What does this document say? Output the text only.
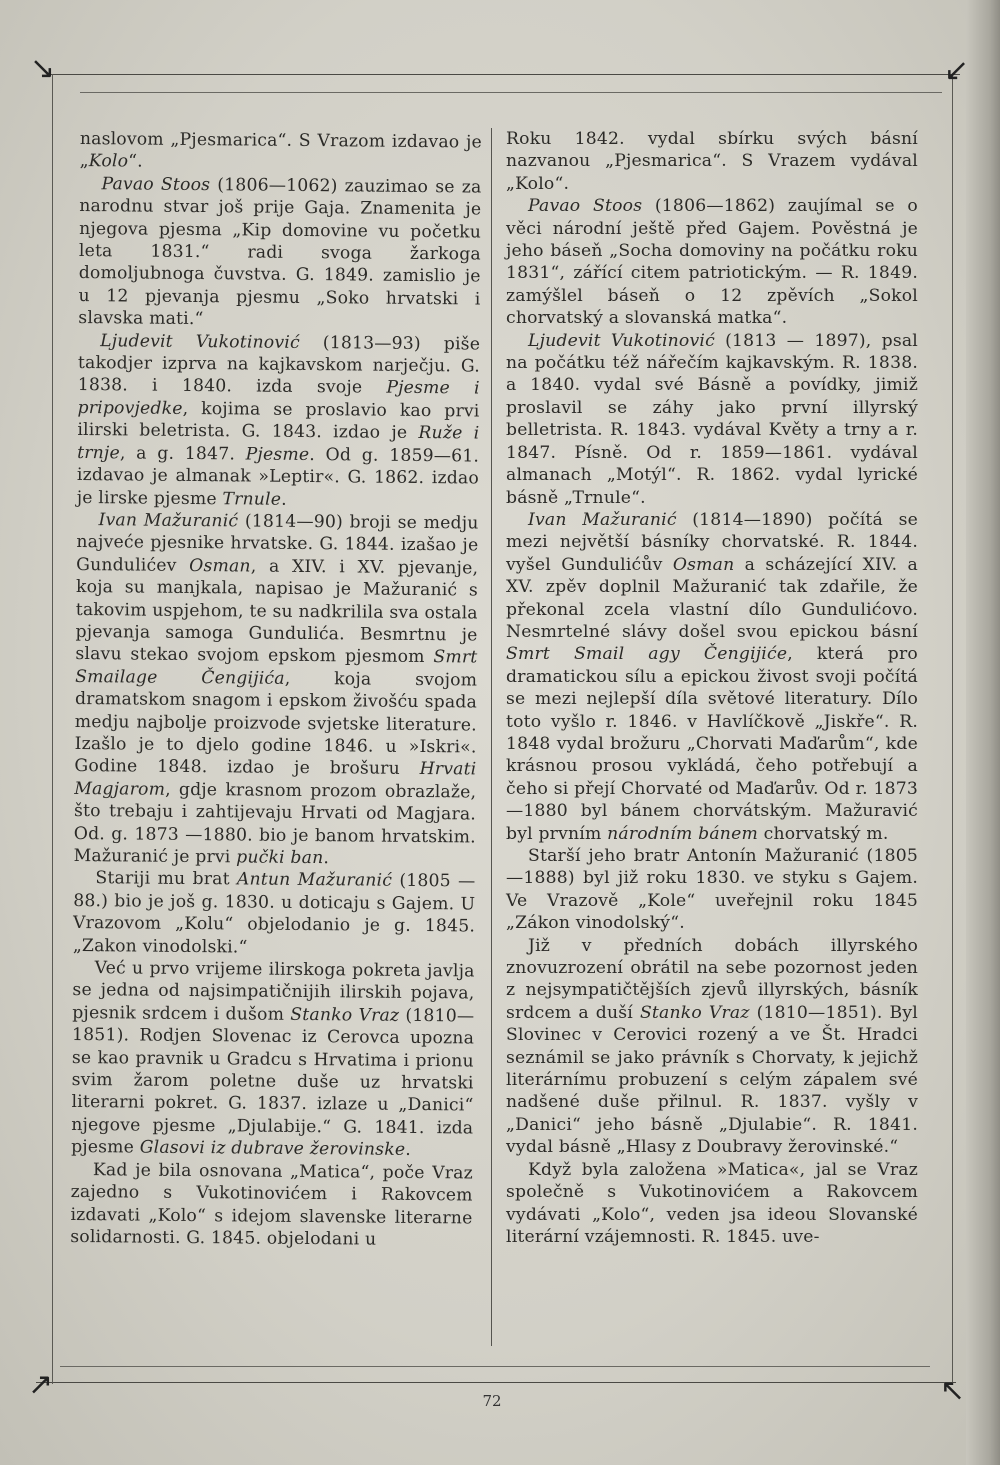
↘	↙
↗	↖

naslovom „Pjesmarica“. S Vrazom izdavao je „Kolo“.

Pavao Stoos (1806—1062) zauzimao se za narodnu stvar još prije Gaja. Znamenita je njegova pjesma „Kip domovine vu početku leta 1831.“ radi svoga žarkoga domoljubnoga čuvstva. G. 1849. zamislio je u 12 pjevanja pjesmu „Soko hrvatski i slavska mati.“

Ljudevit Vukotinović (1813—93) piše takodjer izprva na kajkavskom narječju. G. 1838. i 1840. izda svoje Pjesme i pripovjedke, kojima se proslavio kao prvi ilirski beletrista. G. 1843. izdao je Ruže i trnje, a g. 1847. Pjesme. Od g. 1859—61. izdavao je almanak »Leptir«. G. 1862. izdao je lirske pjesme Trnule.

Ivan Mažuranić (1814—90) broji se medju najveće pjesnike hrvatske. G. 1844. izašao je Gundulićev Osman, a XIV. i XV. pjevanje, koja su manjkala, napisao je Mažuranić s takovim uspjehom, te su nadkrilila sva ostala pjevanja samoga Gundulića. Besmrtnu je slavu stekao svojom epskom pjesmom Smrt Smailage Čengijića, koja svojom dramatskom snagom i epskom živošću spada medju najbolje proizvode svjetske literature. Izašlo je to djelo godine 1846. u »Iskri«. Godine 1848. izdao je brošuru Hrvati Magjarom, gdje krasnom prozom obrazlaže, što trebaju i zahtijevaju Hrvati od Magjara. Od. g. 1873 —1880. bio je banom hrvatskim. Mažuranić je prvi pučki ban.

Stariji mu brat Antun Mažuranić (1805 —88.) bio je još g. 1830. u doticaju s Gajem. U Vrazovom „Kolu“ objelodanio je g. 1845. „Zakon vinodolski.“

Već u prvo vrijeme ilirskoga pokreta javlja se jedna od najsimpatičnijih ilirskih pojava, pjesnik srdcem i dušom Stanko Vraz (1810—1851). Rodjen Slovenac iz Cerovca upozna se kao pravnik u Gradcu s Hrvatima i prionu svim žarom poletne duše uz hrvatski literarni pokret. G. 1837. izlaze u „Danici“ njegove pjesme „Djulabije.“ G. 1841. izda pjesme Glasovi iz dubrave žerovinske.

Kad je bila osnovana „Matica“, poče Vraz zajedno s Vukotinovićem i Rakovcem izdavati „Kolo“ s idejom slavenske literarne solidarnosti. G. 1845. objelodani u

Roku 1842. vydal sbírku svých básní nazvanou „Pjesmarica“. S Vrazem vydával „Kolo“.

Pavao Stoos (1806—1862) zaujímal se o věci národní ještě před Gajem. Pověstná je jeho báseň „Socha domoviny na počátku roku 1831“, zářící citem patriotickým. — R. 1849. zamýšlel báseň o 12 zpěvích „Sokol chorvatský a slovanská matka“.

Ljudevit Vukotinović (1813 — 1897), psal na počátku též nářečím kajkavským. R. 1838. a 1840. vydal své Básně a povídky, jimiž proslavil se záhy jako první illyrský belletrista. R. 1843. vydával Květy a trny a r. 1847. Písně. Od r. 1859—1861. vydával almanach „Motýl“. R. 1862. vydal lyrické básně „Trnule“.

Ivan Mažuranić (1814—1890) počítá se mezi největší básníky chorvatské. R. 1844. vyšel Gundulićův Osman a scházející XIV. a XV. zpěv doplnil Mažuranić tak zdařile, že překonal zcela vlastní dílo Gundulićovo. Nesmrtelné slávy došel svou epickou básní Smrt Smail agy Čengijiće, která pro dramatickou sílu a epickou živost svoji počítá se mezi nejlepší díla světové literatury. Dílo toto vyšlo r. 1846. v Havlíčkově „Jiskře“. R. 1848 vydal brožuru „Chorvati Maďarům“, kde krásnou prosou vykládá, čeho potřebují a čeho si přejí Chorvaté od Maďarův. Od r. 1873—1880 byl bánem chorvátským. Mažuravić byl prvním národním bánem chorvatský m.

Starší jeho bratr Antonín Mažuranić (1805—1888) byl již roku 1830. ve styku s Gajem. Ve Vrazově „Kole“ uveřejnil roku 1845 „Zákon vinodolský“.

Již v předních dobách illyrského znovuzrození obrátil na sebe pozornost jeden z nejsympatičtějších zjevů illyrských, básník srdcem a duší Stanko Vraz (1810—1851). Byl Slovinec v Cerovici rozený a ve Št. Hradci seznámil se jako právník s Chorvaty, k jejichž literárnímu probuzení s celým zápalem své nadšené duše přilnul. R. 1837. vyšly v „Danici“ jeho básně „Djulabie“. R. 1841. vydal básně „Hlasy z Doubravy žerovinské.“

Když byla založena »Matica«, jal se Vraz společně s Vukotinovićem a Rakovcem vydávati „Kolo“, veden jsa ideou Slovanské literární vzájemnosti. R. 1845. uve-

72
